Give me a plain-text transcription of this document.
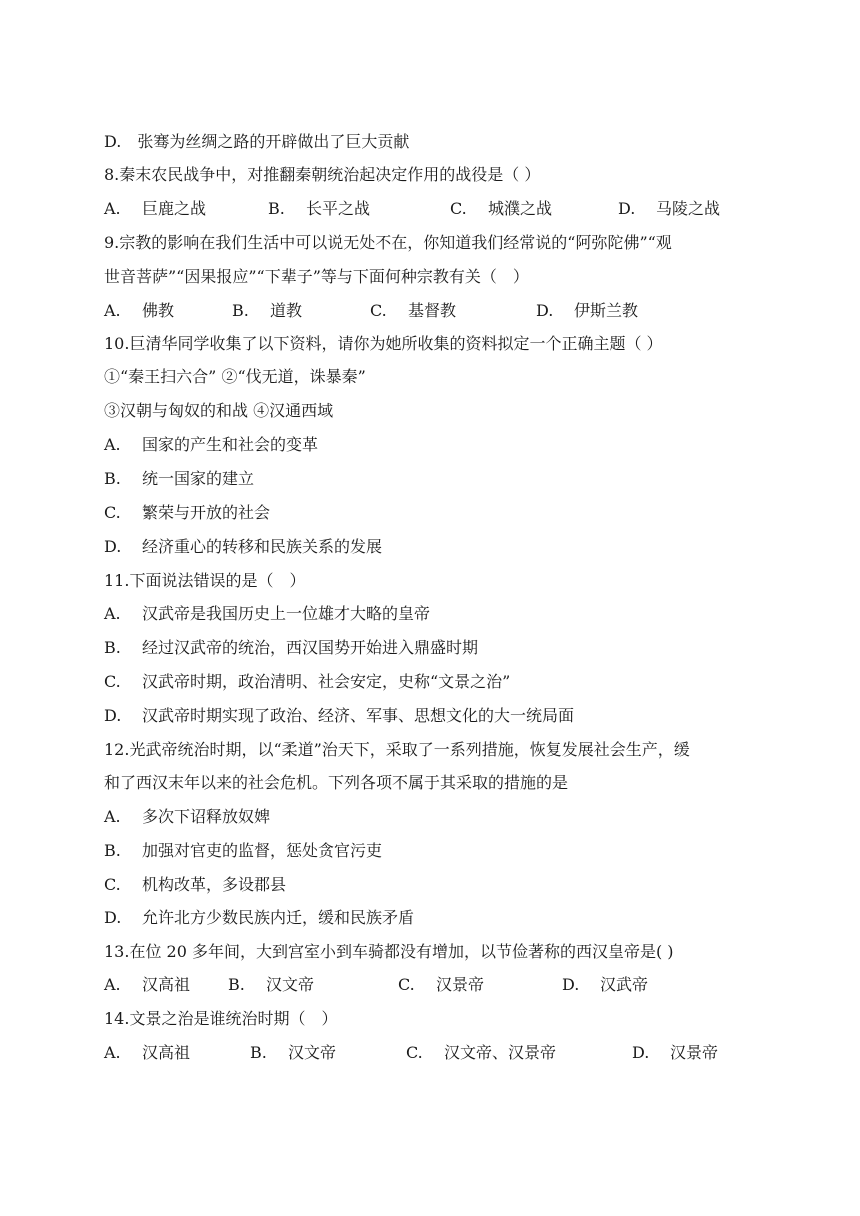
D.　张骞为丝绸之路的开辟做出了巨大贡献
8.秦末农民战争中，对推翻秦朝统治起决定作用的战役是（ ）
A. 巨鹿之战	B. 长平之战	C. 城濮之战	D. 马陵之战
9.宗教的影响在我们生活中可以说无处不在，你知道我们经常说的“阿弥陀佛”“观
世音菩萨”“因果报应”“下辈子”等与下面何种宗教有关（　）
A. 佛教	B. 道教	C. 基督教	D. 伊斯兰教
10.巨清华同学收集了以下资料，请你为她所收集的资料拟定一个正确主题（ ）
①“秦王扫六合” ②“伐无道，诛暴秦”
③汉朝与匈奴的和战 ④汉通西域
A. 国家的产生和社会的变革
B. 统一国家的建立
C. 繁荣与开放的社会
D. 经济重心的转移和民族关系的发展
11.下面说法错误的是（　）
A. 汉武帝是我国历史上一位雄才大略的皇帝
B. 经过汉武帝的统治，西汉国势开始进入鼎盛时期
C. 汉武帝时期，政治清明、社会安定，史称“文景之治”
D. 汉武帝时期实现了政治、经济、军事、思想文化的大一统局面
12.光武帝统治时期，以“柔道”治天下，采取了一系列措施，恢复发展社会生产，缓
和了西汉末年以来的社会危机。下列各项不属于其采取的措施的是
A. 多次下诏释放奴婢
B. 加强对官吏的监督，惩处贪官污吏
C. 机构改革，多设郡县
D. 允许北方少数民族内迁，缓和民族矛盾
13.在位 20 多年间，大到宫室小到车骑都没有增加，以节俭著称的西汉皇帝是( )
A. 汉高祖 B. 汉文帝	C. 汉景帝	D. 汉武帝
14.文景之治是谁统治时期（　）
A. 汉高祖	B. 汉文帝	C. 汉文帝、汉景帝	D. 汉景帝
